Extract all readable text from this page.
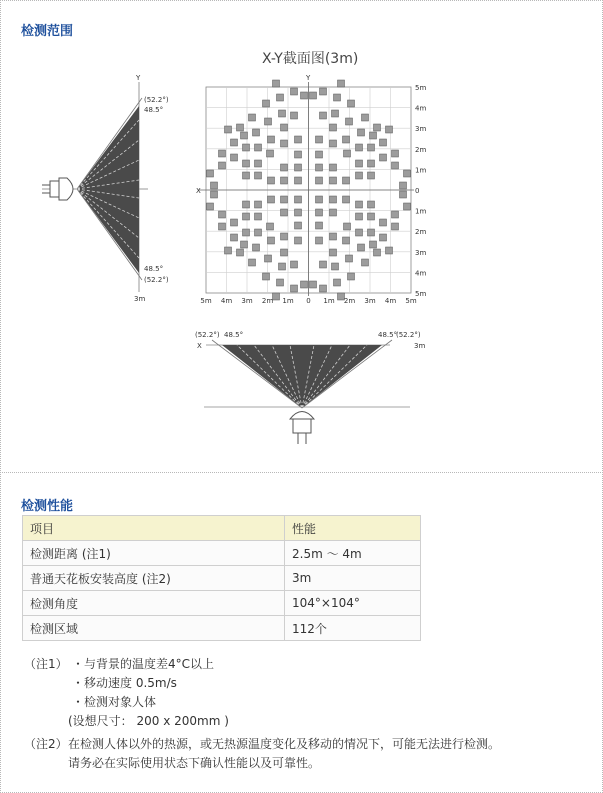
检测范围
X-Y截面图(3m)
Y
(52.2°)
48.5°
48.5°
(52.2°)
3m
X
Y
5m
4m
3m
2m
1m
0
1m
2m
3m
4m
5m
5m 4m 3m 2m 1m 0 1m 2m 3m 4m 5m
(52.2°) 48.5°
X
48.5°
(52.2°)
3m
检测性能
项目	性能
检测距离 (注1)	2.5m ～ 4m
普通天花板安装高度 (注2)	3m
检测角度	104°×104°
检测区域	112个
（注1） ・与背景的温度差4°C以上
・移动速度 0.5m/s
・检测对象人体
(设想尺寸： 200 x 200mm )
（注2） 在检测人体以外的热源，或无热源温度变化及移动的情况下，可能无法进行检测。
请务必在实际使用状态下确认性能以及可靠性。
